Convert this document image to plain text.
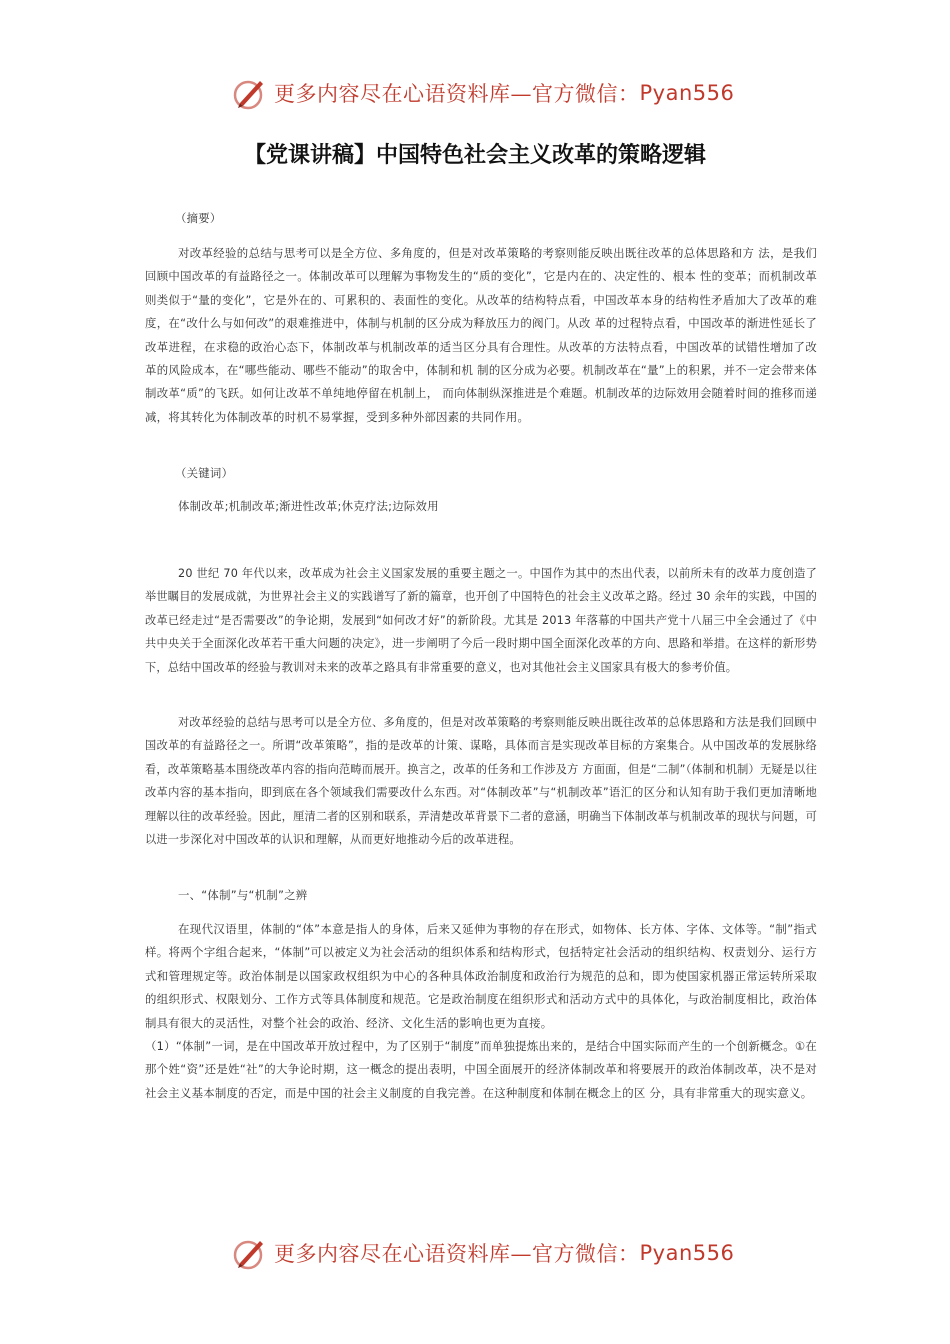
更多内容尽在心语资料库—官方微信： Pyan556
【党课讲稿】中国特色社会主义改革的策略逻辑

（摘要）

对改革经验的总结与思考可以是全方位、多角度的，但是对改革策略的考察则能反映出既往改革的总体思路和方 法，是我们回顾中国改革的有益路径之一。体制改革可以理解为事物发生的“质的变化”，它是内在的、决定性的、根本 性的变革；而机制改革则类似于“量的变化”，它是外在的、可累积的、表面性的变化。从改革的结构特点看，中国改革本身的结构性矛盾加大了改革的难度，在“改什么与如何改”的艰难推进中，体制与机制的区分成为释放压力的阀门。从改 革的过程特点看，中国改革的渐进性延长了改革进程，在求稳的政治心态下，体制改革与机制改革的适当区分具有合理性。从改革的方法特点看，中国改革的试错性增加了改革的风险成本，在“哪些能动、哪些不能动”的取舍中，体制和机 制的区分成为必要。机制改革在“量”上的积累，并不一定会带来体制改革“质”的飞跃。如何让改革不单纯地停留在机制上， 而向体制纵深推进是个难题。机制改革的边际效用会随着时间的推移而递减，将其转化为体制改革的时机不易掌握，受到多种外部因素的共同作用。

（关键词）

体制改革;机制改革;渐进性改革;休克疗法;边际效用

20 世纪 70 年代以来，改革成为社会主义国家发展的重要主题之一。中国作为其中的杰出代表，以前所未有的改革力度创造了举世瞩目的发展成就，为世界社会主义的实践谱写了新的篇章，也开创了中国特色的社会主义改革之路。经过 30 余年的实践，中国的改革已经走过“是否需要改”的争论期，发展到“如何改才好”的新阶段。尤其是 2013 年落幕的中国共产党十八届三中全会通过了《中共中央关于全面深化改革若干重大问题的决定》，进一步阐明了今后一段时期中国全面深化改革的方向、思路和举措。在这样的新形势下，总结中国改革的经验与教训对未来的改革之路具有非常重要的意义，也对其他社会主义国家具有极大的参考价值。

对改革经验的总结与思考可以是全方位、多角度的，但是对改革策略的考察则能反映出既往改革的总体思路和方法是我们回顾中国改革的有益路径之一。所谓“改革策略”，指的是改革的计策、谋略，具体而言是实现改革目标的方案集合。从中国改革的发展脉络看，改革策略基本围绕改革内容的指向范畴而展开。换言之，改革的任务和工作涉及方 方面面，但是“二制”（体制和机制）无疑是以往改革内容的基本指向，即到底在各个领域我们需要改什么东西。对“体制改革”与“机制改革”语汇的区分和认知有助于我们更加清晰地理解以往的改革经验。因此，厘清二者的区别和联系，弄清楚改革背景下二者的意涵，明确当下体制改革与机制改革的现状与问题，可以进一步深化对中国改革的认识和理解，从而更好地推动今后的改革进程。

一、“体制”与“机制”之辨

在现代汉语里，体制的“体”本意是指人的身体，后来又延伸为事物的存在形式，如物体、长方体、字体、文体等。“制”指式样。将两个字组合起来，“体制”可以被定义为社会活动的组织体系和结构形式，包括特定社会活动的组织结构、权责划分、运行方式和管理规定等。政治体制是以国家政权组织为中心的各种具体政治制度和政治行为规范的总和，即为使国家机器正常运转所采取的组织形式、权限划分、工作方式等具体制度和规范。它是政治制度在组织形式和活动方式中的具体化，与政治制度相比，政治体制具有很大的灵活性，对整个社会的政治、经济、文化生活的影响也更为直接。

（1）“体制”一词，是在中国改革开放过程中，为了区别于“制度”而单独提炼出来的，是结合中国实际而产生的一个创新概念。①在那个姓“资”还是姓“社”的大争论时期，这一概念的提出表明，中国全面展开的经济体制改革和将要展开的政治体制改革，决不是对社会主义基本制度的否定，而是中国的社会主义制度的自我完善。在这种制度和体制在概念上的区 分，具有非常重大的现实意义。

更多内容尽在心语资料库—官方微信： Pyan556
